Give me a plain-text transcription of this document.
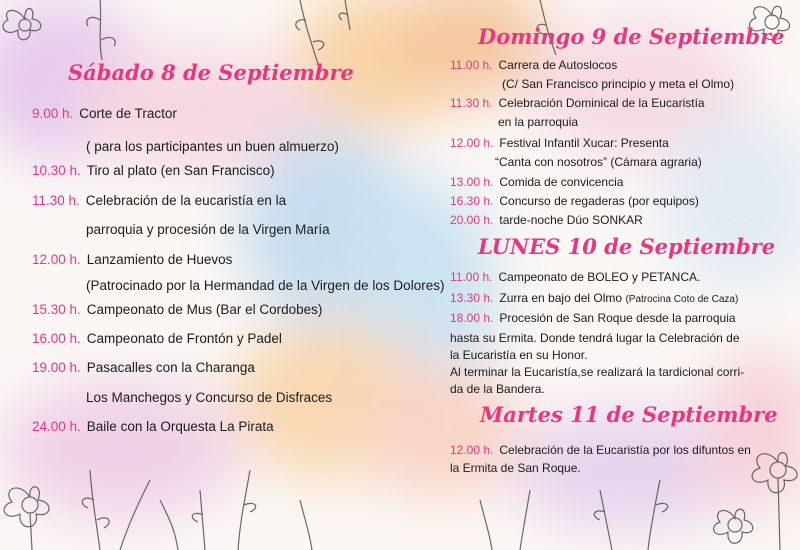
Sábado 8 de Septiembre
9.00 h. Corte de Tractor
( para los participantes un buen almuerzo)
10.30 h. Tiro al plato (en San Francisco)
11.30 h. Celebración de la eucaristía en la
parroquia y procesión de la Virgen María
12.00 h. Lanzamiento de Huevos
(Patrocinado por la Hermandad de la Virgen de los Dolores)
15.30 h. Campeonato de Mus (Bar el Cordobes)
16.00 h. Campeonato de Frontón y Padel
19.00 h. Pasacalles con la Charanga
Los Manchegos y Concurso de Disfraces
24.00 h. Baile con la Orquesta La Pirata
Domingo 9 de Septiembre
11.00 h. Carrera de Autoslocos
(C/ San Francisco principio y meta el Olmo)
11.30 h. Celebración Dominical de la Eucaristía
en la parroquia
12.00 h. Festival Infantil Xucar: Presenta
“Canta con nosotros” (Cámara agraria)
13.00 h. Comida de convicencia
16.30 h. Concurso de regaderas (por equipos)
20.00 h. tarde-noche Dúo SONKAR
LUNES 10 de Septiembre
11.00 h. Campeonato de BOLEO y PETANCA.
13.30 h. Zurra en bajo del Olmo (Patrocina Coto de Caza)
18.00 h. Procesión de San Roque desde la parroquia
hasta su Ermita. Donde tendrá lugar la Celebración de
la Eucaristía en su Honor.
Al terminar la Eucaristía,se realizará la tardicional corri-
da de la Bandera.
Martes 11 de Septiembre
12.00 h. Celebración de la Eucaristía por los difuntos en
la Ermita de San Roque.
